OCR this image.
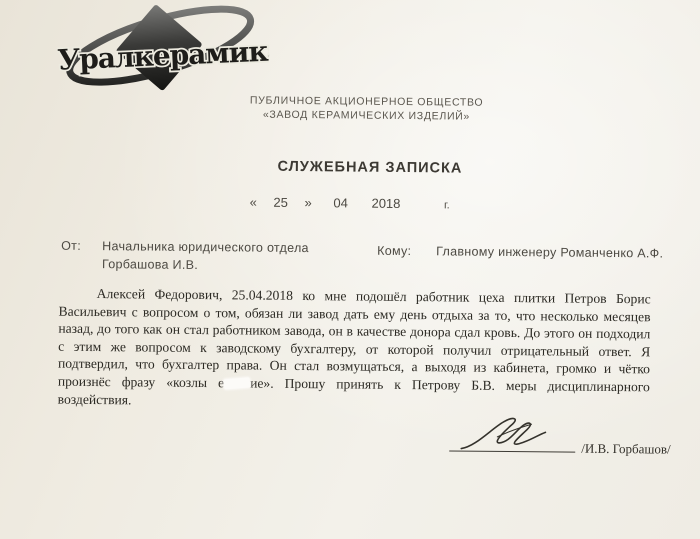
Уралкерамика
ПУБЛИЧНОЕ АКЦИОНЕРНОЕ ОБЩЕСТВО
«ЗАВОД КЕРАМИЧЕСКИХ ИЗДЕЛИЙ»
СЛУЖЕБНАЯ ЗАПИСКА
« 25 » 04 2018	г.
От: Начальника юридического отдела
Горбашова И.В.
Кому: Главному инженеру Романченко А.Ф.

Алексей Федорович, 25.04.2018 ко мне подошёл работник цеха плитки Петров Борис Васильевич с вопросом о том, обязан ли завод дать ему день отдыха за то, что несколько месяцев назад, до того как он стал работником завода, он в качестве донора сдал кровь. До этого он подходил с этим же вопросом к заводскому бухгалтеру, от которой получил отрицательный ответ. Я подтвердил, что бухгалтер права. Он стал возмущаться, а выходя из кабинета, громко и чётко произнёс фразу «козлы е ие». Прошу принять к Петрову Б.В. меры дисциплинарного воздействия.

/И.В. Горбашов/
